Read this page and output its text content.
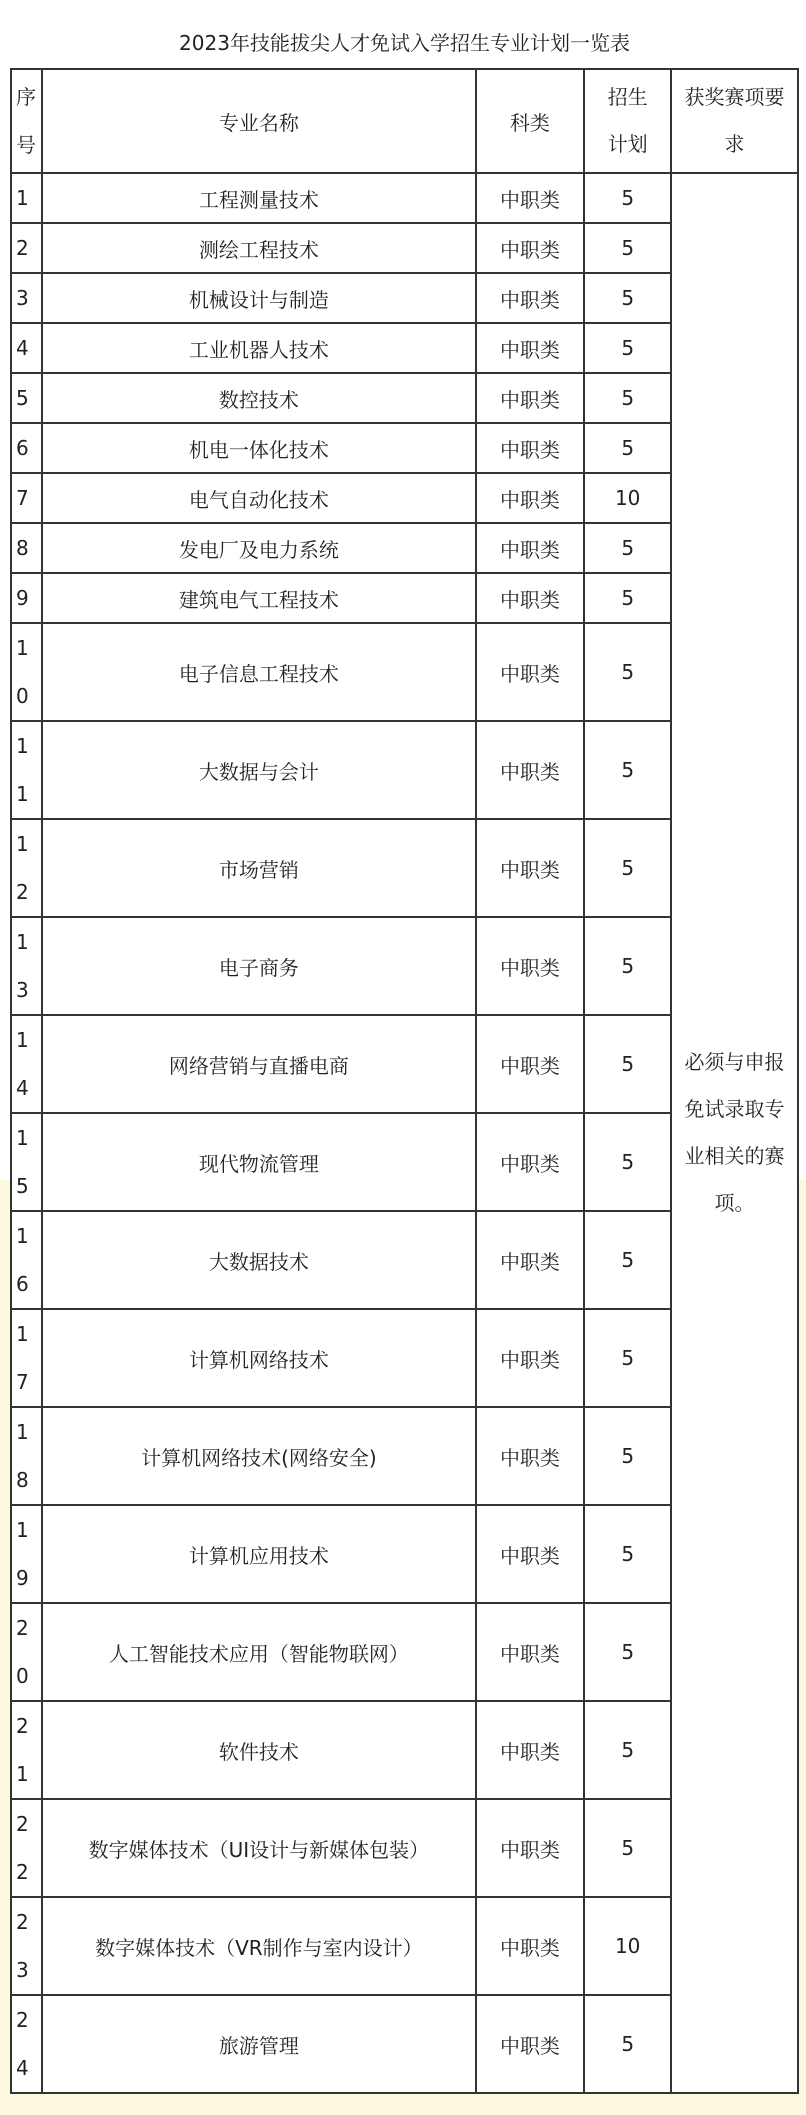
2023年技能拔尖人才免试入学招生专业计划一览表
序号	专业名称	科类	招生计划	获奖赛项要求
1	工程测量技术	中职类	5	必须与申报免试录取专业相关的赛项。
2	测绘工程技术	中职类	5	
3	机械设计与制造	中职类	5	
4	工业机器人技术	中职类	5	
5	数控技术	中职类	5	
6	机电一体化技术	中职类	5	
7	电气自动化技术	中职类	10	
8	发电厂及电力系统	中职类	5	
9	建筑电气工程技术	中职类	5	
10	电子信息工程技术	中职类	5	
11	大数据与会计	中职类	5	
12	市场营销	中职类	5	
13	电子商务	中职类	5	
14	网络营销与直播电商	中职类	5	
15	现代物流管理	中职类	5	
16	大数据技术	中职类	5	
17	计算机网络技术	中职类	5	
18	计算机网络技术(网络安全)	中职类	5	
19	计算机应用技术	中职类	5	
20	人工智能技术应用（智能物联网）	中职类	5	
21	软件技术	中职类	5	
22	数字媒体技术（UI设计与新媒体包装）	中职类	5	
23	数字媒体技术（VR制作与室内设计）	中职类	10	
24	旅游管理	中职类	5	
